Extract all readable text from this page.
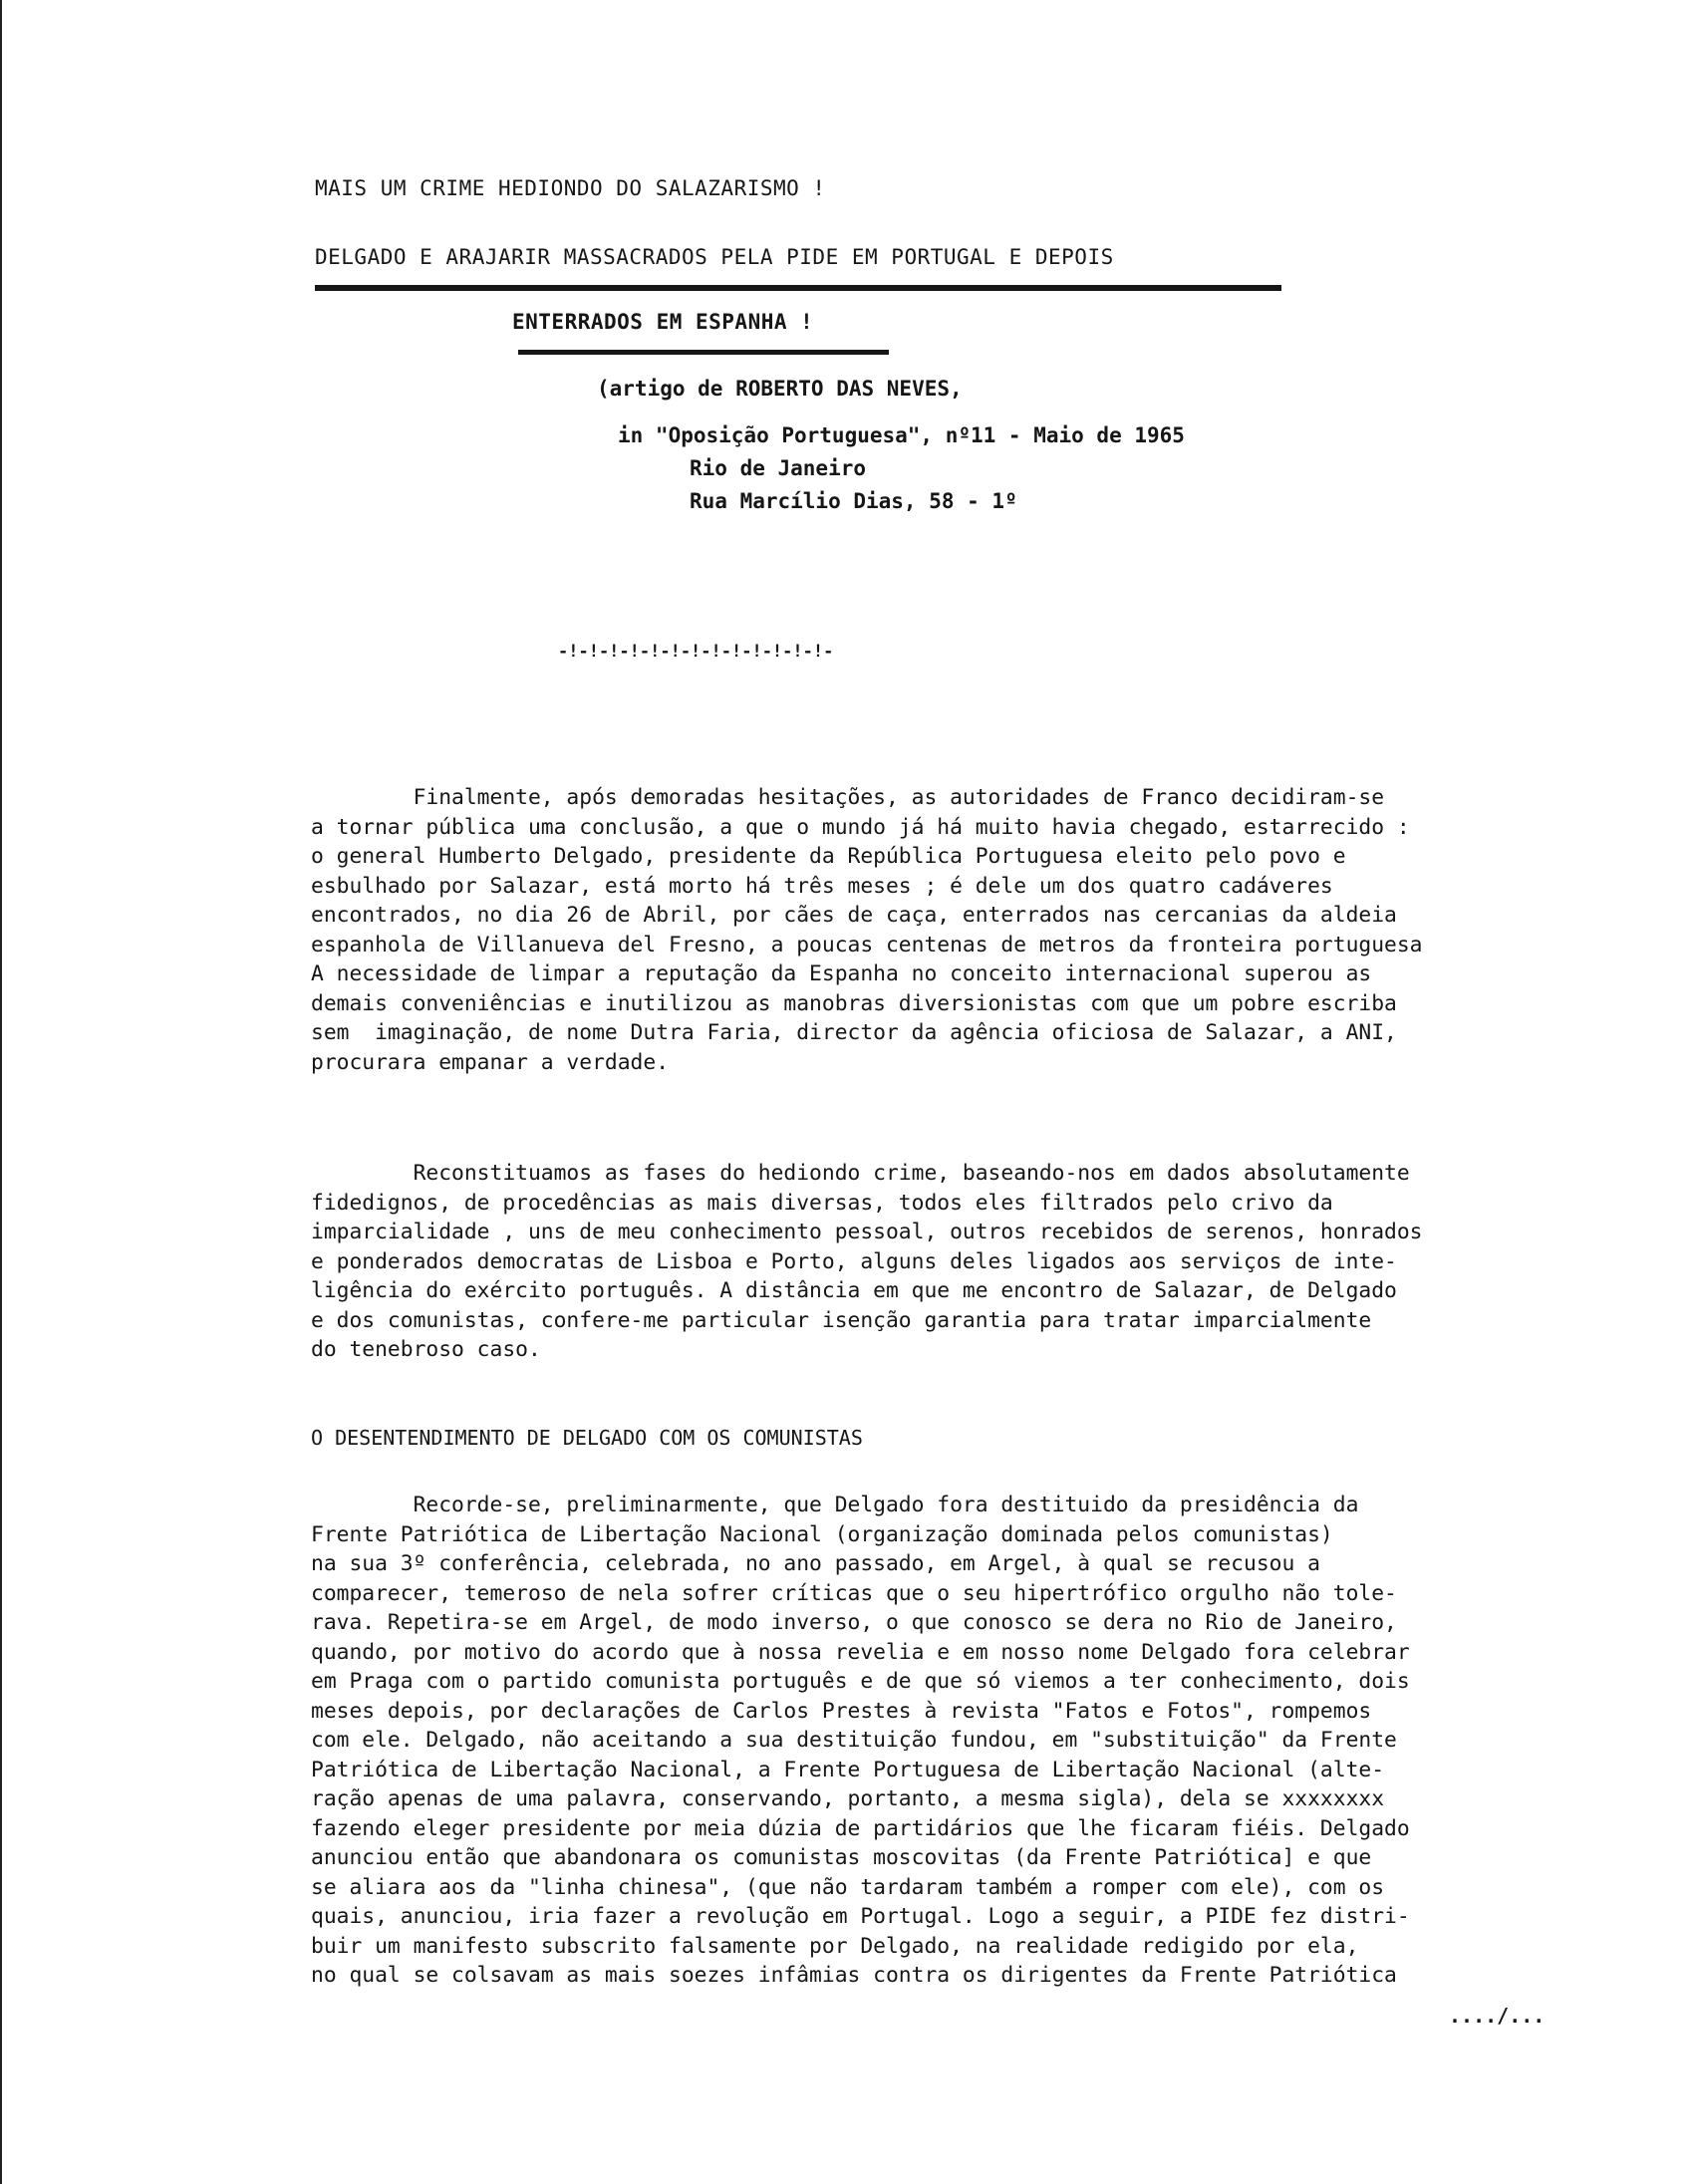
MAIS UM CRIME HEDIONDO DO SALAZARISMO !
DELGADO E ARAJARIR MASSACRADOS PELA PIDE EM PORTUGAL E DEPOIS
ENTERRADOS EM ESPANHA !
(artigo de ROBERTO DAS NEVES,
in "Oposição Portuguesa", nº11 - Maio de 1965
Rio de Janeiro
Rua Marcílio Dias, 58 - 1º
-!-!-!-!-!-!-!-!-!-!-!-!-!-
Finalmente, após demoradas hesitações, as autoridades de Franco decidiram-se
a tornar pública uma conclusão, a que o mundo já há muito havia chegado, estarrecido :
o general Humberto Delgado, presidente da República Portuguesa eleito pelo povo e
esbulhado por Salazar, está morto há três meses ; é dele um dos quatro cadáveres
encontrados, no dia 26 de Abril, por cães de caça, enterrados nas cercanias da aldeia
espanhola de Villanueva del Fresno, a poucas centenas de metros da fronteira portuguesa
A necessidade de limpar a reputação da Espanha no conceito internacional superou as
demais conveniências e inutilizou as manobras diversionistas com que um pobre escriba
sem  imaginação, de nome Dutra Faria, director da agência oficiosa de Salazar, a ANI,
procurara empanar a verdade.
Reconstituamos as fases do hediondo crime, baseando-nos em dados absolutamente
fidedignos, de procedências as mais diversas, todos eles filtrados pelo crivo da
imparcialidade , uns de meu conhecimento pessoal, outros recebidos de serenos, honrados
e ponderados democratas de Lisboa e Porto, alguns deles ligados aos serviços de inte-
ligência do exército português. A distância em que me encontro de Salazar, de Delgado
e dos comunistas, confere-me particular isenção garantia para tratar imparcialmente
do tenebroso caso.
O DESENTENDIMENTO DE DELGADO COM OS COMUNISTAS
Recorde-se, preliminarmente, que Delgado fora destituido da presidência da
Frente Patriótica de Libertação Nacional (organização dominada pelos comunistas)
na sua 3º conferência, celebrada, no ano passado, em Argel, à qual se recusou a
comparecer, temeroso de nela sofrer críticas que o seu hipertrófico orgulho não tole-
rava. Repetira-se em Argel, de modo inverso, o que conosco se dera no Rio de Janeiro,
quando, por motivo do acordo que à nossa revelia e em nosso nome Delgado fora celebrar
em Praga com o partido comunista português e de que só viemos a ter conhecimento, dois
meses depois, por declarações de Carlos Prestes à revista "Fatos e Fotos", rompemos
com ele. Delgado, não aceitando a sua destituição fundou, em "substituição" da Frente
Patriótica de Libertação Nacional, a Frente Portuguesa de Libertação Nacional (alte-
ração apenas de uma palavra, conservando, portanto, a mesma sigla), dela se xxxxxxxx
fazendo eleger presidente por meia dúzia de partidários que lhe ficaram fiéis. Delgado
anunciou então que abandonara os comunistas moscovitas (da Frente Patriótica] e que
se aliara aos da "linha chinesa", (que não tardaram também a romper com ele), com os
quais, anunciou, iria fazer a revolução em Portugal. Logo a seguir, a PIDE fez distri-
buir um manifesto subscrito falsamente por Delgado, na realidade redigido por ela,
no qual se colsavam as mais soezes infâmias contra os dirigentes da Frente Patriótica
..../...
